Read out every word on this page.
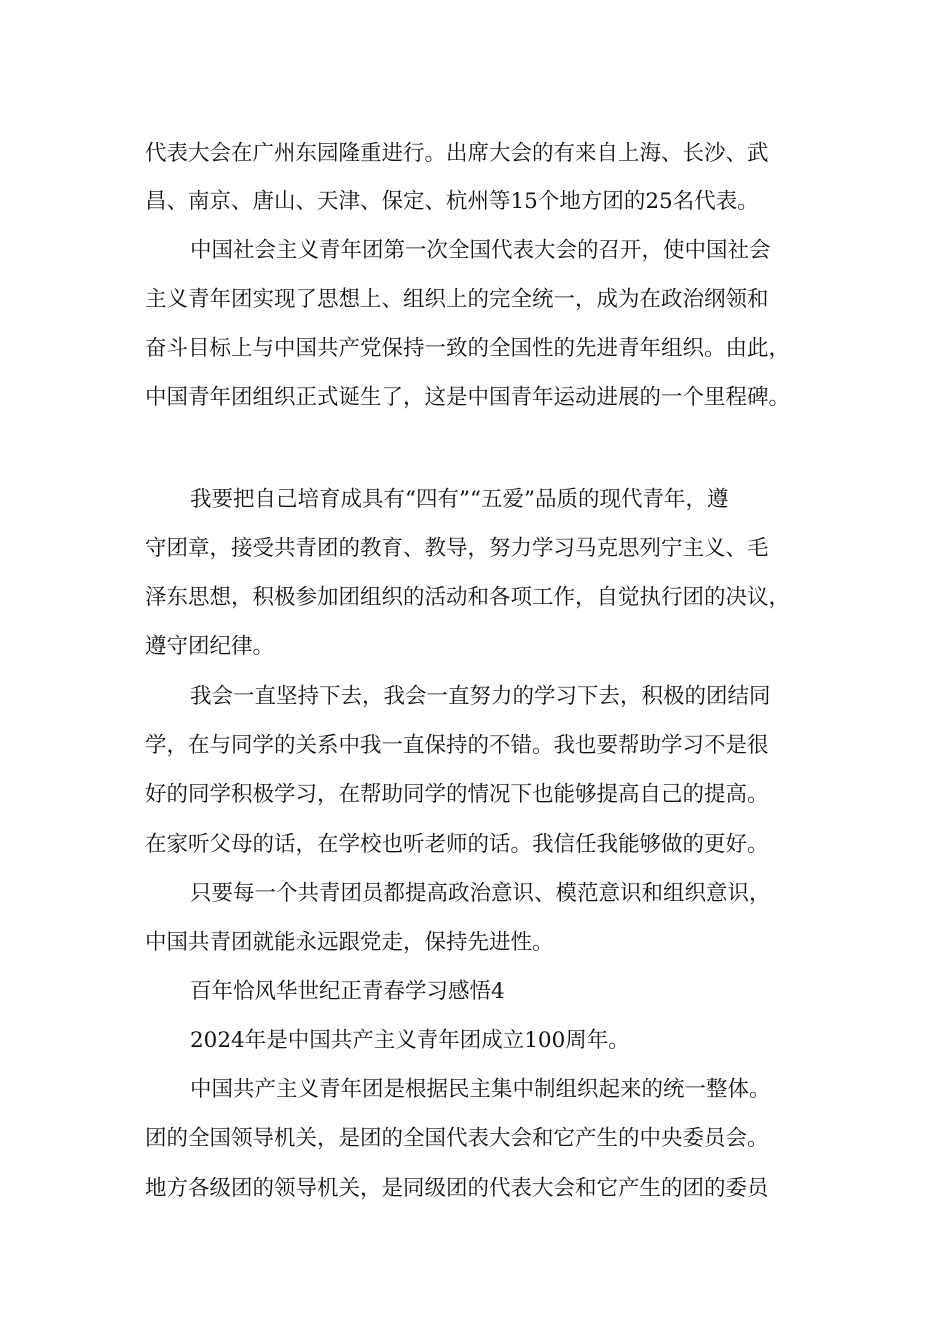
代表大会在广州东园隆重进行。出席大会的有来自上海、长沙、武
昌、南京、唐山、天津、保定、杭州等15个地方团的25名代表。
中国社会主义青年团第一次全国代表大会的召开，使中国社会
主义青年团实现了思想上、组织上的完全统一，成为在政治纲领和
奋斗目标上与中国共产党保持一致的全国性的先进青年组织。由此，
中国青年团组织正式诞生了，这是中国青年运动进展的一个里程碑。
我要把自己培育成具有“四有”“五爱”品质的现代青年，遵
守团章，接受共青团的教育、教导，努力学习马克思列宁主义、毛
泽东思想，积极参加团组织的活动和各项工作，自觉执行团的决议，
遵守团纪律。
我会一直坚持下去，我会一直努力的学习下去，积极的团结同
学，在与同学的关系中我一直保持的不错。我也要帮助学习不是很
好的同学积极学习，在帮助同学的情况下也能够提高自己的提高。
在家听父母的话，在学校也听老师的话。我信任我能够做的更好。
只要每一个共青团员都提高政治意识、模范意识和组织意识，
中国共青团就能永远跟党走，保持先进性。
百年恰风华世纪正青春学习感悟4
2024年是中国共产主义青年团成立100周年。
中国共产主义青年团是根据民主集中制组织起来的统一整体。
团的全国领导机关，是团的全国代表大会和它产生的中央委员会。
地方各级团的领导机关，是同级团的代表大会和它产生的团的委员
